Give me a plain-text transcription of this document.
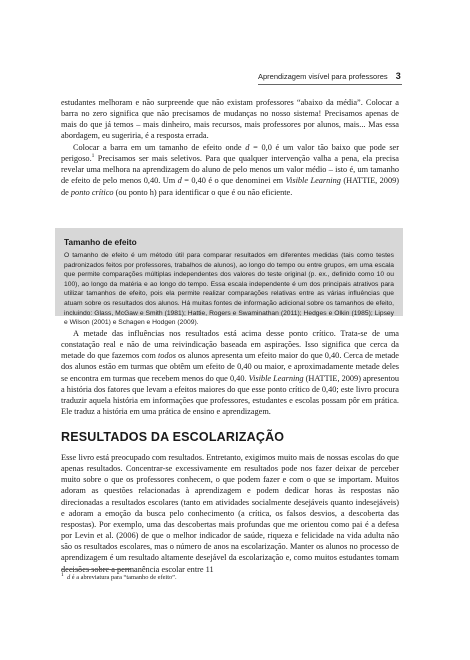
Aprendizagem visível para professores 3

estudantes melhoram e não surpreende que não existam professores “abaixo da média”. Colocar a barra no zero significa que não precisamos de mudanças no nosso sistema! Precisamos apenas de mais do que já temos – mais dinheiro, mais recursos, mais professores por alunos, mais... Mas essa abordagem, eu sugeriria, é a resposta errada.

Colocar a barra em um tamanho de efeito onde d = 0,0 é um valor tão baixo que pode ser perigoso.$^1$ Precisamos ser mais seletivos. Para que qualquer intervenção valha a pena, ela precisa revelar uma melhora na aprendizagem do aluno de pelo menos um valor médio – isto é, um tamanho de efeito de pelo menos 0,40. Um d = 0,40 é o que denominei em Visible Learning (HATTIE, 2009) de ponto crítico (ou ponto h) para identificar o que é ou não eficiente.

Tamanho de efeito

O tamanho de efeito é um método útil para comparar resultados em diferentes medidas (tais como testes padronizados feitos por professores, trabalhos de alunos), ao longo do tempo ou entre grupos, em uma escala que permite comparações múltiplas independentes dos valores do teste original (p. ex., definido como 10 ou 100), ao longo da matéria e ao longo do tempo. Essa escala independente é um dos principais atrativos para utilizar tamanhos de efeito, pois ela permite realizar comparações relativas entre as várias influências que atuam sobre os resultados dos alunos. Há muitas fontes de informação adicional sobre os tamanhos de efeito, incluindo: Glass, McGaw e Smith (1981); Hattie, Rogers e Swaminathan (2011); Hedges e Olkin (1985); Lipsey e Wilson (2001) e Schagen e Hodgen (2009).

A metade das influências nos resultados está acima desse ponto crítico. Trata-se de uma constatação real e não de uma reivindicação baseada em aspirações. Isso significa que cerca da metade do que fazemos com todos os alunos apresenta um efeito maior do que 0,40. Cerca de metade dos alunos estão em turmas que obtêm um efeito de 0,40 ou maior, e aproximadamente metade deles se encontra em turmas que recebem menos do que 0,40. Visible Learning (HATTIE, 2009) apresentou a história dos fatores que levam a efeitos maiores do que esse ponto crítico de 0,40; este livro procura traduzir aquela história em informações que professores, estudantes e escolas possam pôr em prática. Ele traduz a história em uma prática de ensino e aprendizagem.

RESULTADOS DA ESCOLARIZAÇÃO

Esse livro está preocupado com resultados. Entretanto, exigimos muito mais de nossas escolas do que apenas resultados. Concentrar-se excessivamente em resultados pode nos fazer deixar de perceber muito sobre o que os professores conhecem, o que podem fazer e com o que se importam. Muitos adoram as questões relacionadas à aprendizagem e podem dedicar horas às respostas não direcionadas a resultados escolares (tanto em atividades socialmente desejáveis quanto indesejáveis) e adoram a emoção da busca pelo conhecimento (a crítica, os falsos desvios, a descoberta das respostas). Por exemplo, uma das descobertas mais profundas que me orientou como pai é a defesa por Levin et al. (2006) de que o melhor indicador de saúde, riqueza e felicidade na vida adulta não são os resultados escolares, mas o número de anos na escolarização. Manter os alunos no processo de aprendizagem é um resultado altamente desejável da escolarização e, como muitos estudantes tomam decisões sobre a permanência escolar entre 11

$^1$ d é a abreviatura para “tamanho de efeito”.
